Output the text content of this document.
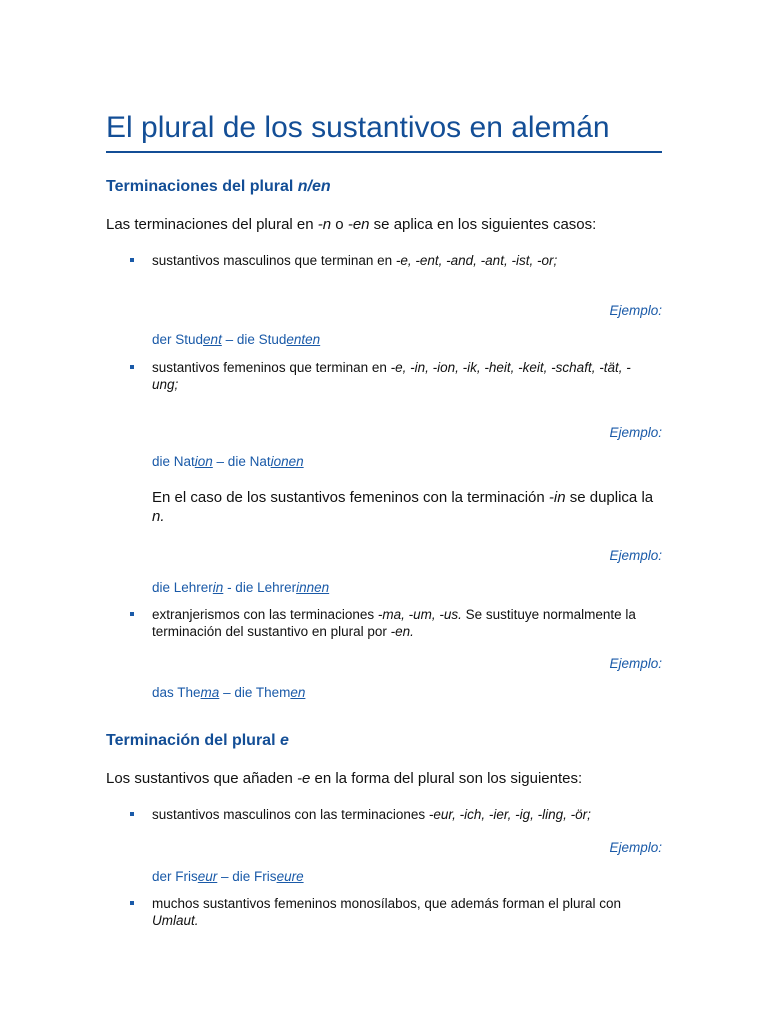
El plural de los sustantivos en alemán
Terminaciones del plural n/en
Las terminaciones del plural en -n o -en se aplica en los siguientes casos:
sustantivos masculinos que terminan en -e, -ent, -and, -ant, -ist, -or;
Ejemplo:
der Student – die Studenten
sustantivos femeninos que terminan en -e, -in, -ion, -ik, -heit, -keit, -schaft, -tät, -ung;
Ejemplo:
die Nation – die Nationen
En el caso de los sustantivos femeninos con la terminación -in se duplica la n.
Ejemplo:
die Lehrerin - die Lehrerinnen
extranjerismos con las terminaciones -ma, -um, -us. Se sustituye normalmente la terminación del sustantivo en plural por -en.
Ejemplo:
das Thema – die Themen
Terminación del plural e
Los sustantivos que añaden -e en la forma del plural son los siguientes:
sustantivos masculinos con las terminaciones -eur, -ich, -ier, -ig, -ling, -ör;
Ejemplo:
der Friseur – die Friseure
muchos sustantivos femeninos monosílabos, que además forman el plural con Umlaut.
